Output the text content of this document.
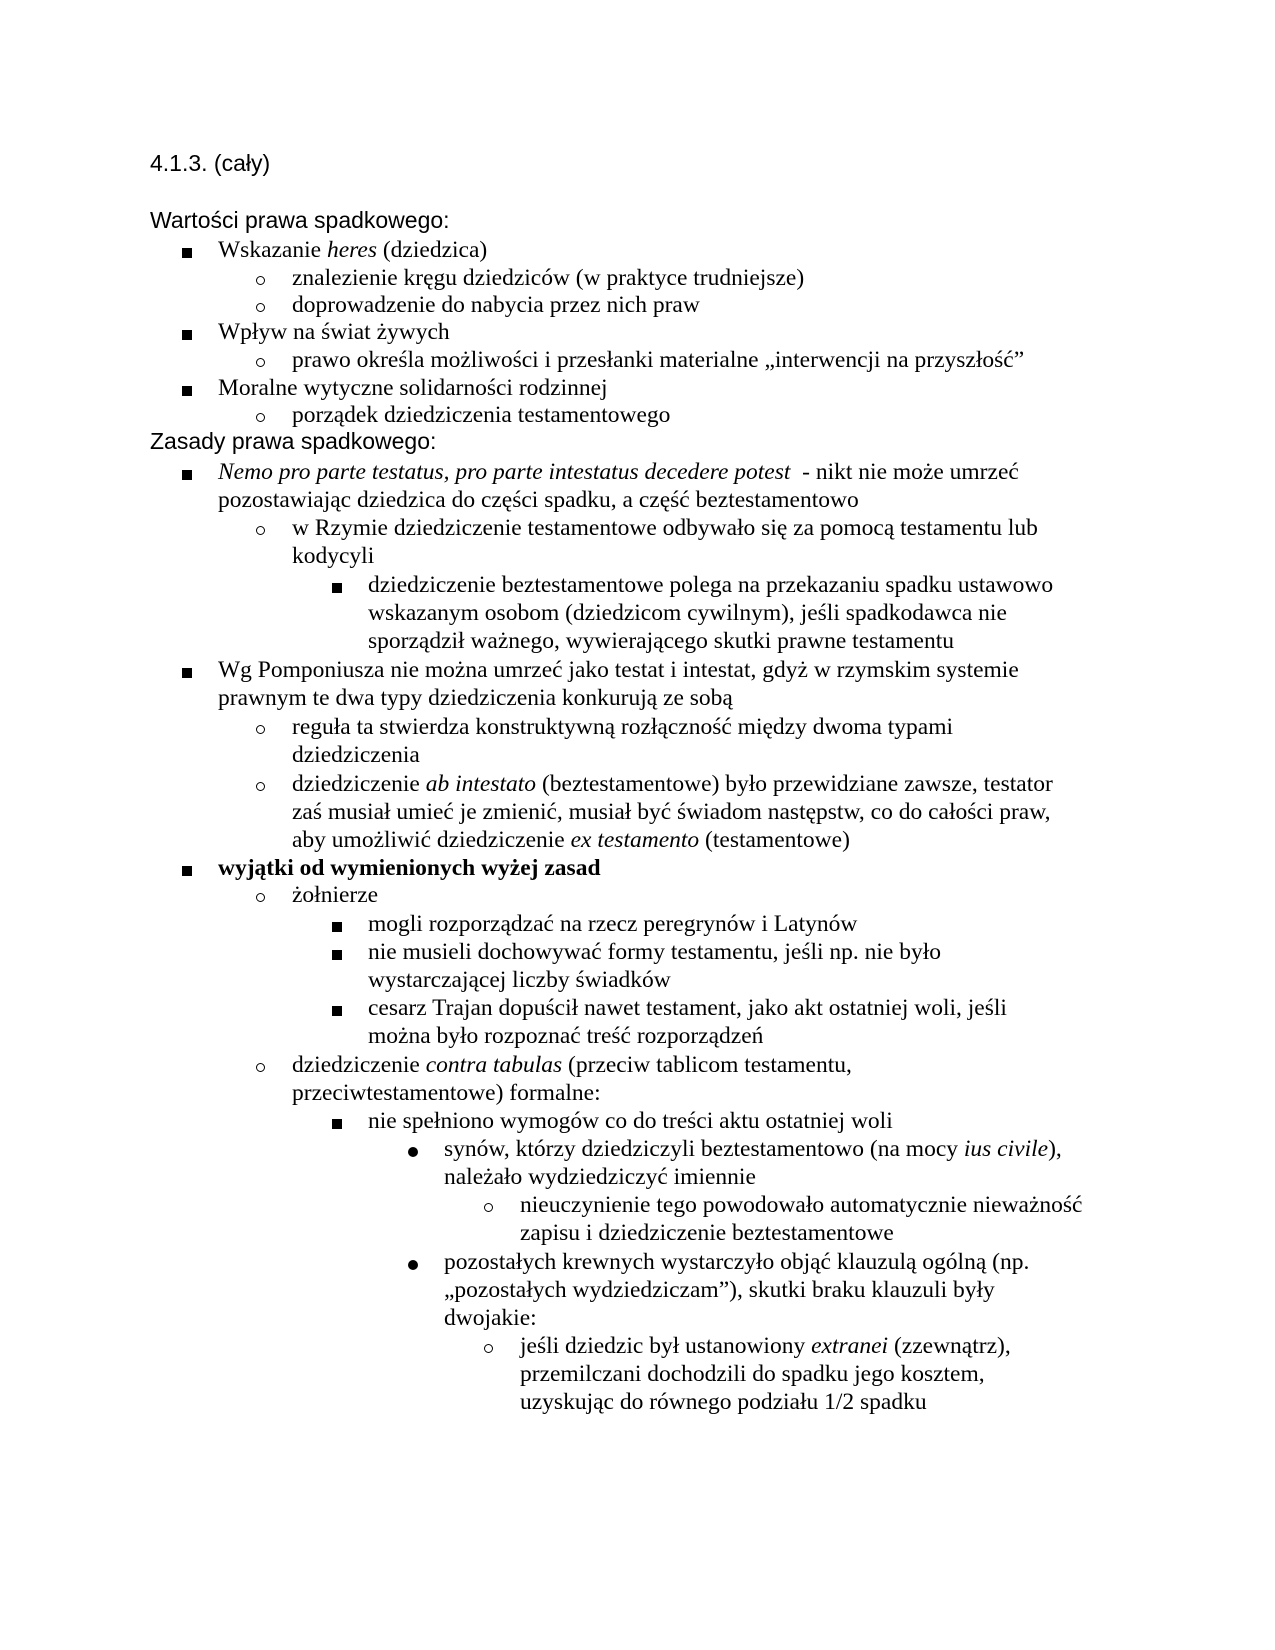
4.1.3. (cały)
Wartości prawa spadkowego:
Wskazanie heres (dziedzica)
znalezienie kręgu dziedziców (w praktyce trudniejsze)
doprowadzenie do nabycia przez nich praw
Wpływ na świat żywych
prawo określa możliwości i przesłanki materialne „interwencji na przyszłość”
Moralne wytyczne solidarności rodzinnej
porządek dziedziczenia testamentowego
Zasady prawa spadkowego:
Nemo pro parte testatus, pro parte intestatus decedere potest  - nikt nie może umrzeć
pozostawiając dziedzica do części spadku, a część beztestamentowo
w Rzymie dziedziczenie testamentowe odbywało się za pomocą testamentu lub
kodycyli
dziedziczenie beztestamentowe polega na przekazaniu spadku ustawowo
wskazanym osobom (dziedzicom cywilnym), jeśli spadkodawca nie
sporządził ważnego, wywierającego skutki prawne testamentu
Wg Pomponiusza nie można umrzeć jako testat i intestat, gdyż w rzymskim systemie
prawnym te dwa typy dziedziczenia konkurują ze sobą
reguła ta stwierdza konstruktywną rozłączność między dwoma typami
dziedziczenia
dziedziczenie ab intestato (beztestamentowe) było przewidziane zawsze, testator
zaś musiał umieć je zmienić, musiał być świadom następstw, co do całości praw,
aby umożliwić dziedziczenie ex testamento (testamentowe)
wyjątki od wymienionych wyżej zasad
żołnierze
mogli rozporządzać na rzecz peregrynów i Latynów
nie musieli dochowywać formy testamentu, jeśli np. nie było
wystarczającej liczby świadków
cesarz Trajan dopuścił nawet testament, jako akt ostatniej woli, jeśli
można było rozpoznać treść rozporządzeń
dziedziczenie contra tabulas (przeciw tablicom testamentu,
przeciwtestamentowe) formalne:
nie spełniono wymogów co do treści aktu ostatniej woli
synów, którzy dziedziczyli beztestamentowo (na mocy ius civile),
należało wydziedziczyć imiennie
nieuczynienie tego powodowało automatycznie nieważność
zapisu i dziedziczenie beztestamentowe
pozostałych krewnych wystarczyło objąć klauzulą ogólną (np.
„pozostałych wydziedziczam”), skutki braku klauzuli były
dwojakie:
jeśli dziedzic był ustanowiony extranei (zzewnątrz),
przemilczani dochodzili do spadku jego kosztem,
uzyskując do równego podziału 1/2 spadku
